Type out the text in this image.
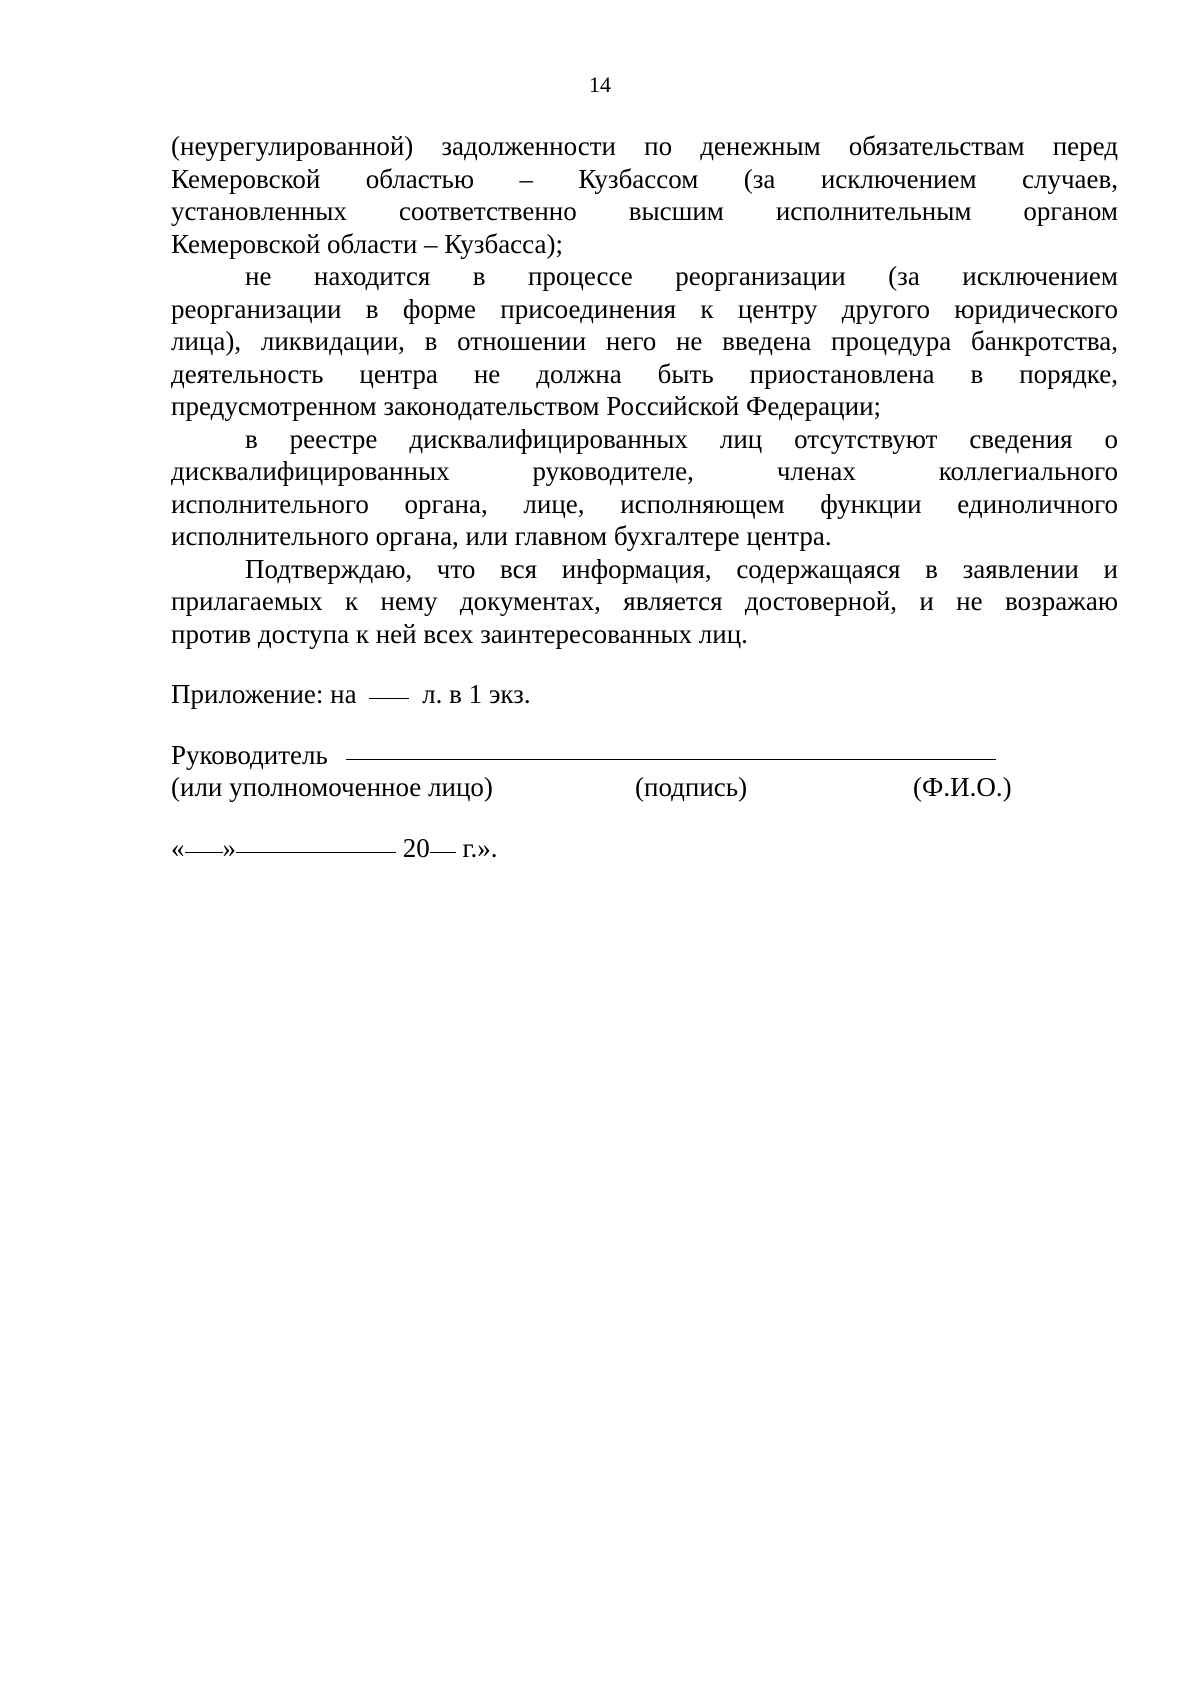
14
(неурегулированной) задолженности по денежным обязательствам перед
Кемеровской областью – Кузбассом (за исключением случаев,
установленных соответственно высшим исполнительным органом
Кемеровской области – Кузбасса);
не находится в процессе реорганизации (за исключением
реорганизации в форме присоединения к центру другого юридического
лица), ликвидации, в отношении него не введена процедура банкротства,
деятельность центра не должна быть приостановлена в порядке,
предусмотренном законодательством Российской Федерации;
в реестре дисквалифицированных лиц отсутствуют сведения о
дисквалифицированных руководителе, членах коллегиального
исполнительного органа, лице, исполняющем функции единоличного
исполнительного органа, или главном бухгалтере центра.
Подтверждаю, что вся информация, содержащаяся в заявлении и
прилагаемых к нему документах, является достоверной, и не возражаю
против доступа к ней всех заинтересованных лиц.
Приложение: на л. в 1 экз.
Руководитель
(или уполномоченное лицо)	(подпись)	(Ф.И.О.)
« »	20 г.».
